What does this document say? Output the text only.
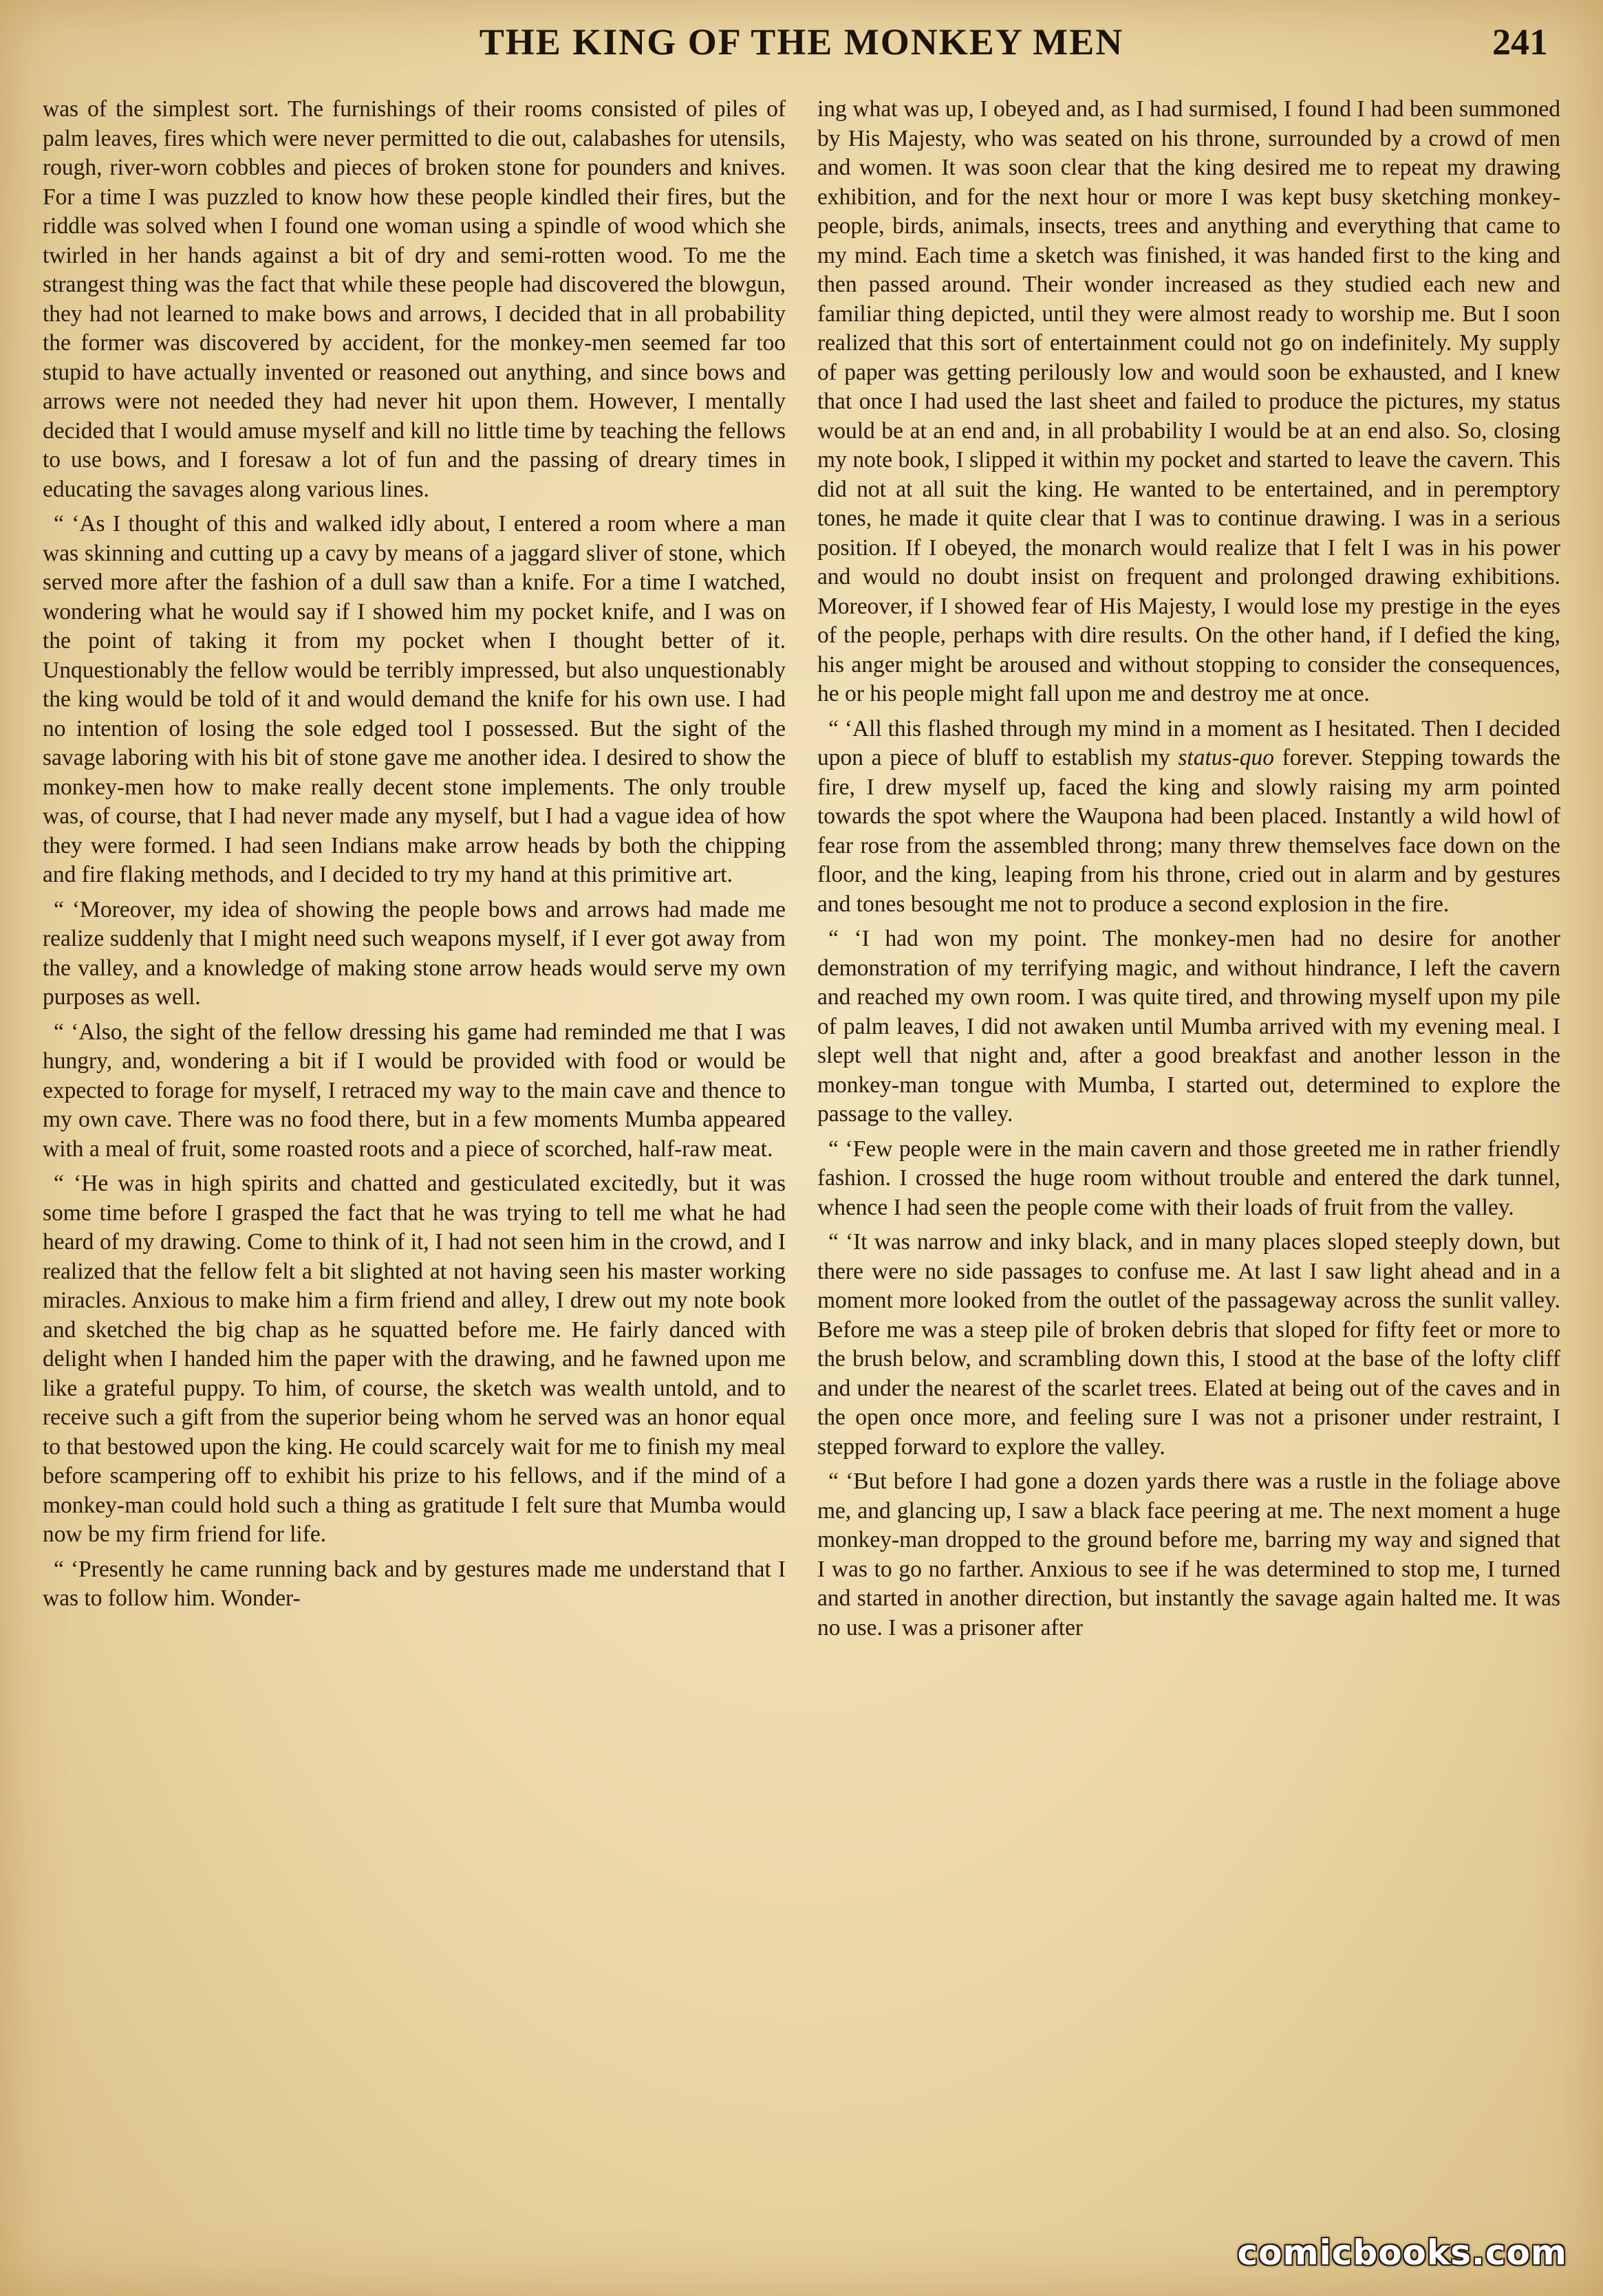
THE KING OF THE MONKEY MEN	241

was of the simplest sort. The furnishings of their rooms consisted of piles of palm leaves, fires which were never permitted to die out, calabashes for utensils, rough, river-worn cobbles and pieces of broken stone for pounders and knives. For a time I was puzzled to know how these people kindled their fires, but the riddle was solved when I found one woman using a spindle of wood which she twirled in her hands against a bit of dry and semi-rotten wood. To me the strangest thing was the fact that while these people had discovered the blowgun, they had not learned to make bows and arrows, I decided that in all probability the former was discovered by accident, for the monkey-men seemed far too stupid to have actually invented or reasoned out anything, and since bows and arrows were not needed they had never hit upon them. However, I mentally decided that I would amuse myself and kill no little time by teaching the fellows to use bows, and I foresaw a lot of fun and the passing of dreary times in educating the savages along various lines.

“ ‘As I thought of this and walked idly about, I entered a room where a man was skinning and cutting up a cavy by means of a jaggard sliver of stone, which served more after the fashion of a dull saw than a knife. For a time I watched, wondering what he would say if I showed him my pocket knife, and I was on the point of taking it from my pocket when I thought better of it. Unquestionably the fellow would be terribly impressed, but also unquestionably the king would be told of it and would demand the knife for his own use. I had no intention of losing the sole edged tool I possessed. But the sight of the savage laboring with his bit of stone gave me another idea. I desired to show the monkey-men how to make really decent stone implements. The only trouble was, of course, that I had never made any myself, but I had a vague idea of how they were formed. I had seen Indians make arrow heads by both the chipping and fire flaking methods, and I decided to try my hand at this primitive art.

“ ‘Moreover, my idea of showing the people bows and arrows had made me realize suddenly that I might need such weapons myself, if I ever got away from the valley, and a knowledge of making stone arrow heads would serve my own purposes as well.

“ ‘Also, the sight of the fellow dressing his game had reminded me that I was hungry, and, wondering a bit if I would be provided with food or would be expected to forage for myself, I retraced my way to the main cave and thence to my own cave. There was no food there, but in a few moments Mumba appeared with a meal of fruit, some roasted roots and a piece of scorched, half-raw meat.

“ ‘He was in high spirits and chatted and gesticulated excitedly, but it was some time before I grasped the fact that he was trying to tell me what he had heard of my drawing. Come to think of it, I had not seen him in the crowd, and I realized that the fellow felt a bit slighted at not having seen his master working miracles. Anxious to make him a firm friend and alley, I drew out my note book and sketched the big chap as he squatted before me. He fairly danced with delight when I handed him the paper with the drawing, and he fawned upon me like a grateful puppy. To him, of course, the sketch was wealth untold, and to receive such a gift from the superior being whom he served was an honor equal to that bestowed upon the king. He could scarcely wait for me to finish my meal before scampering off to exhibit his prize to his fellows, and if the mind of a monkey-man could hold such a thing as gratitude I felt sure that Mumba would now be my firm friend for life.

“ ‘Presently he came running back and by gestures made me understand that I was to follow him. Wonder-

ing what was up, I obeyed and, as I had surmised, I found I had been summoned by His Majesty, who was seated on his throne, surrounded by a crowd of men and women. It was soon clear that the king desired me to repeat my drawing exhibition, and for the next hour or more I was kept busy sketching monkey-people, birds, animals, insects, trees and anything and everything that came to my mind. Each time a sketch was finished, it was handed first to the king and then passed around. Their wonder increased as they studied each new and familiar thing depicted, until they were almost ready to worship me. But I soon realized that this sort of entertainment could not go on indefinitely. My supply of paper was getting perilously low and would soon be exhausted, and I knew that once I had used the last sheet and failed to produce the pictures, my status would be at an end and, in all probability I would be at an end also. So, closing my note book, I slipped it within my pocket and started to leave the cavern. This did not at all suit the king. He wanted to be entertained, and in peremptory tones, he made it quite clear that I was to continue drawing. I was in a serious position. If I obeyed, the monarch would realize that I felt I was in his power and would no doubt insist on frequent and prolonged drawing exhibitions. Moreover, if I showed fear of His Majesty, I would lose my prestige in the eyes of the people, perhaps with dire results. On the other hand, if I defied the king, his anger might be aroused and without stopping to consider the consequences, he or his people might fall upon me and destroy me at once.

“ ‘All this flashed through my mind in a moment as I hesitated. Then I decided upon a piece of bluff to establish my status-quo forever. Stepping towards the fire, I drew myself up, faced the king and slowly raising my arm pointed towards the spot where the Waupona had been placed. Instantly a wild howl of fear rose from the assembled throng; many threw themselves face down on the floor, and the king, leaping from his throne, cried out in alarm and by gestures and tones besought me not to produce a second explosion in the fire.

“ ‘I had won my point. The monkey-men had no desire for another demonstration of my terrifying magic, and without hindrance, I left the cavern and reached my own room. I was quite tired, and throwing myself upon my pile of palm leaves, I did not awaken until Mumba arrived with my evening meal. I slept well that night and, after a good breakfast and another lesson in the monkey-man tongue with Mumba, I started out, determined to explore the passage to the valley.

“ ‘Few people were in the main cavern and those greeted me in rather friendly fashion. I crossed the huge room without trouble and entered the dark tunnel, whence I had seen the people come with their loads of fruit from the valley.

“ ‘It was narrow and inky black, and in many places sloped steeply down, but there were no side passages to confuse me. At last I saw light ahead and in a moment more looked from the outlet of the passageway across the sunlit valley. Before me was a steep pile of broken debris that sloped for fifty feet or more to the brush below, and scrambling down this, I stood at the base of the lofty cliff and under the nearest of the scarlet trees. Elated at being out of the caves and in the open once more, and feeling sure I was not a prisoner under restraint, I stepped forward to explore the valley.

“ ‘But before I had gone a dozen yards there was a rustle in the foliage above me, and glancing up, I saw a black face peering at me. The next moment a huge monkey-man dropped to the ground before me, barring my way and signed that I was to go no farther. Anxious to see if he was determined to stop me, I turned and started in another direction, but instantly the savage again halted me. It was no use. I was a prisoner after

comicbooks.com
